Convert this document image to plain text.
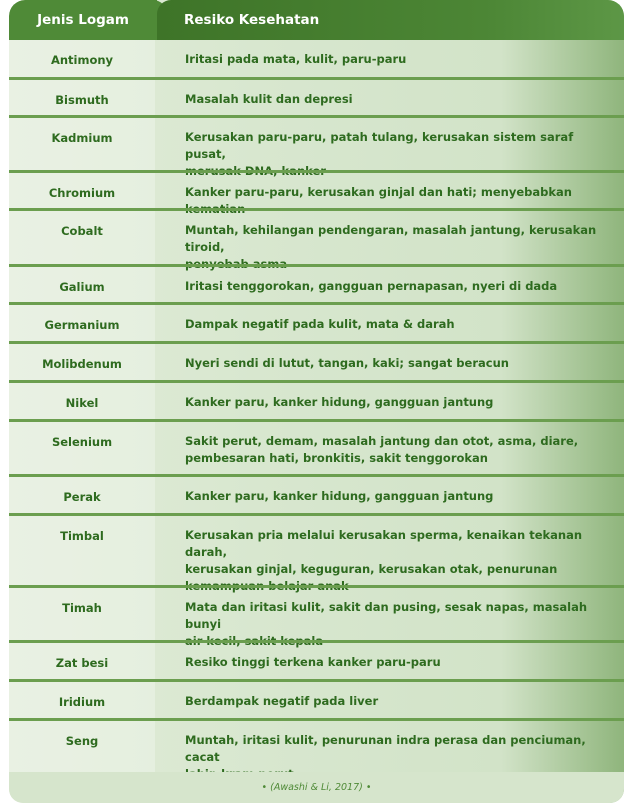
Jenis Logam	Resiko Kesehatan
Antimony	Iritasi pada mata, kulit, paru-paru
Bismuth	Masalah kulit dan depresi
Kadmium	Kerusakan paru-paru, patah tulang, kerusakan sistem saraf pusat,
Chromium	Kanker paru-paru, kerusakan ginjal dan hati; menyebabkan
Cobalt	Muntah, kehilangan pendengaran, masalah jantung, kerusakan tiroid,
Galium	Iritasi tenggorokan, gangguan pernapasan, nyeri di dada
Germanium	Dampak negatif pada kulit, mata & darah
Molibdenum	Nyeri sendi di lutut, tangan, kaki; sangat beracun
Nikel	Kanker paru, kanker hidung, gangguan jantung
Selenium	Sakit perut, demam, masalah jantung dan otot, asma, diare,
pembesaran hati, bronkitis, sakit tenggorokan
Perak	Kanker paru, kanker hidung, gangguan jantung
Timbal	Kerusakan pria melalui kerusakan sperma, kenaikan tekanan darah,
kerusakan ginjal, keguguran, kerusakan otak, penurunan
Timah	Mata dan iritasi kulit, sakit dan pusing, sesak napas, masalah bunyi
Zat besi	Resiko tinggi terkena kanker paru-paru
Iridium	Berdampak negatif pada liver
Seng	Muntah, iritasi kulit, penurunan indra perasa dan penciuman, cacat
• (Awashi & Li, 2017) •
